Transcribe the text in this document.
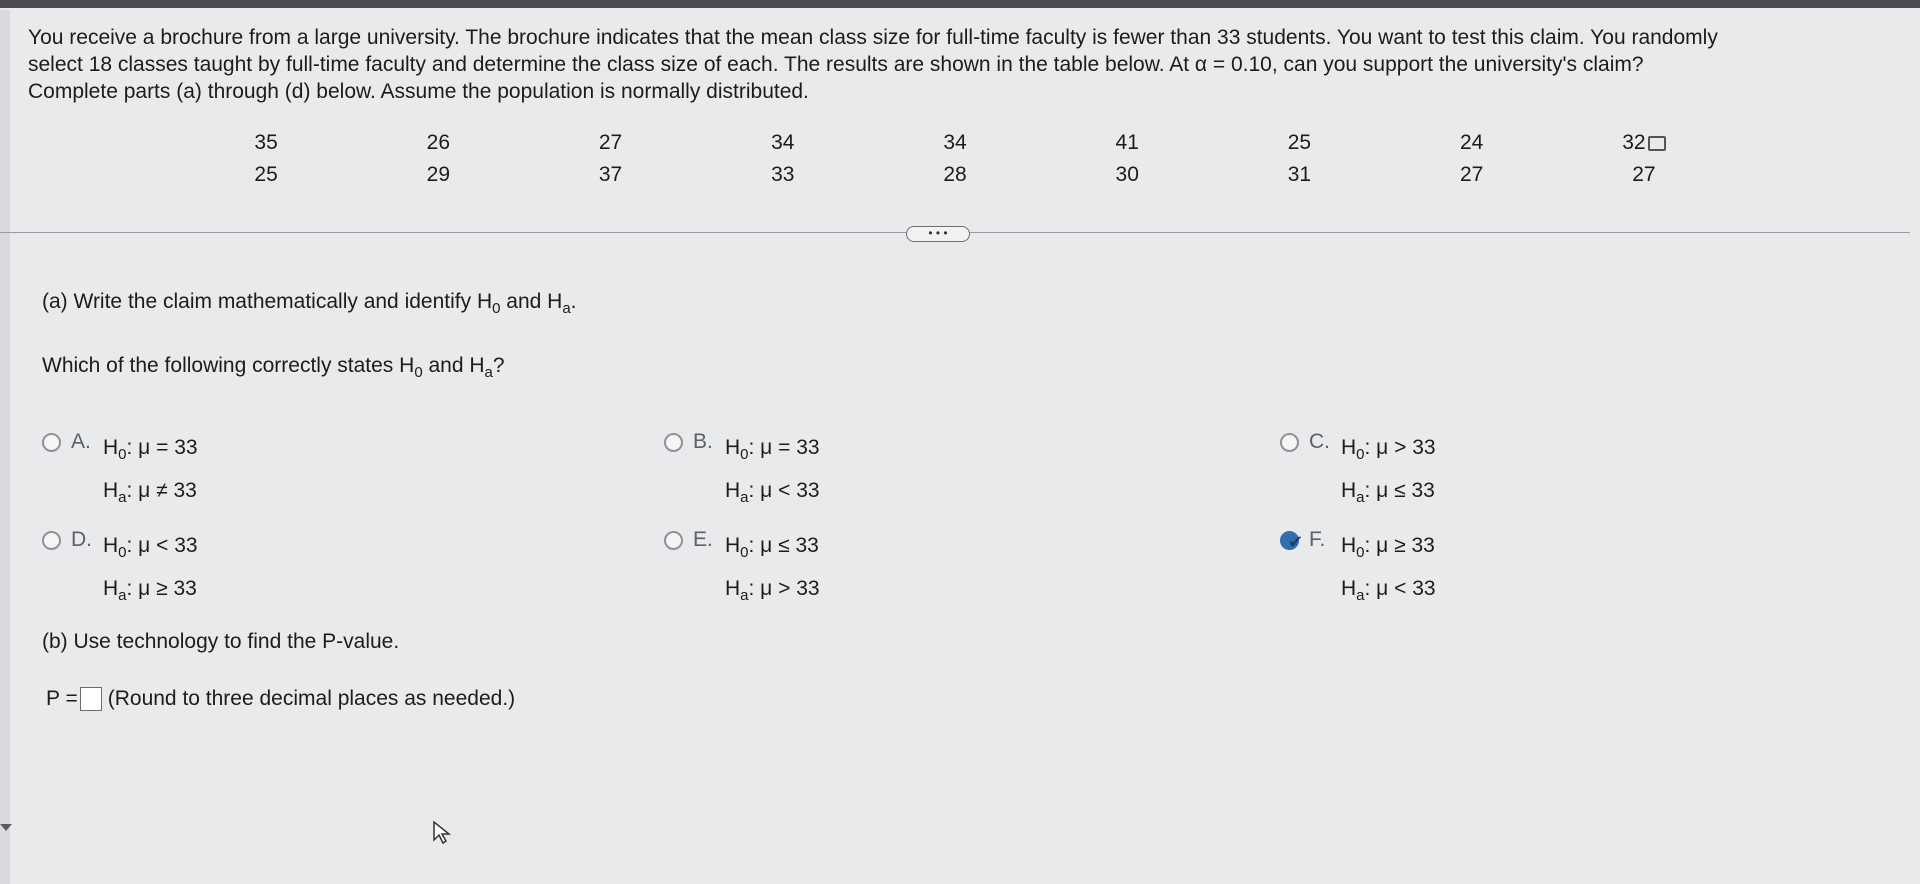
You receive a brochure from a large university. The brochure indicates that the mean class size for full-time faculty is fewer than 33 students. You want to test this claim. You randomly

select 18 classes taught by full-time faculty and determine the class size of each. The results are shown in the table below. At α = 0.10, can you support the university's claim?

Complete parts (a) through (d) below. Assume the population is normally distributed.

35	26	27	34	34	41	25	24	32
25	29	37	33	28	30	31	27	27
• • •
(a) Write the claim mathematically and identify $H_0$ and $H_a$.
Which of the following correctly states $H_0$ and $H_a$?
A. $H_0$: μ = 33
$H_a$: μ ≠ 33
B. $H_0$: μ = 33
$H_a$: μ < 33
C. $H_0$: μ > 33
$H_a$: μ ≤ 33
D. $H_0$: μ < 33
$H_a$: μ ≥ 33
E. $H_0$: μ ≤ 33
$H_a$: μ > 33
✔ F. $H_0$: μ ≥ 33
$H_a$: μ < 33
(b) Use technology to find the P-value.
P = (Round to three decimal places as needed.)
